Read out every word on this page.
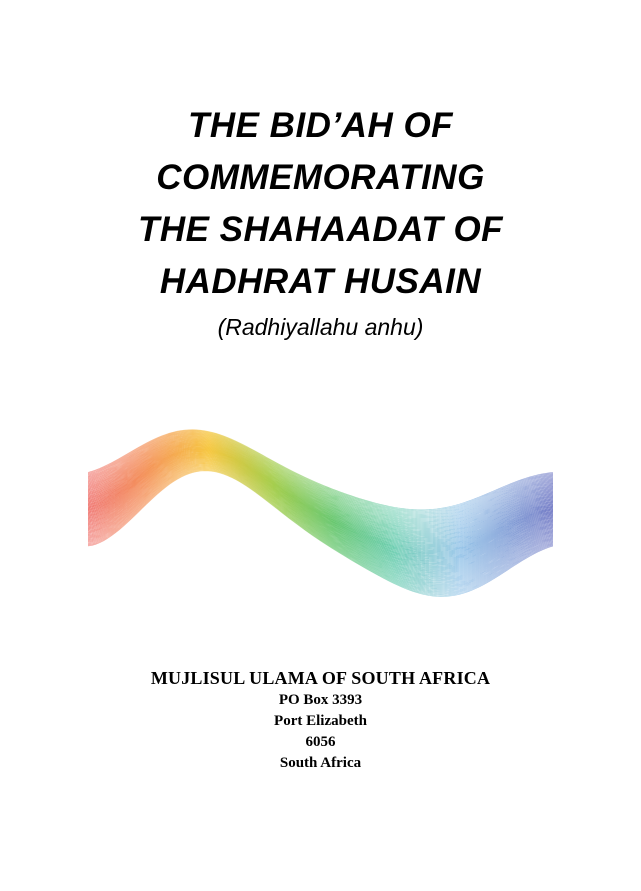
THE BID’AH OF
COMMEMORATING
THE SHAHAADAT OF
HADHRAT HUSAIN
(Radhiyallahu anhu)
MUJLISUL ULAMA OF SOUTH AFRICA
PO Box 3393
Port Elizabeth
6056
South Africa
